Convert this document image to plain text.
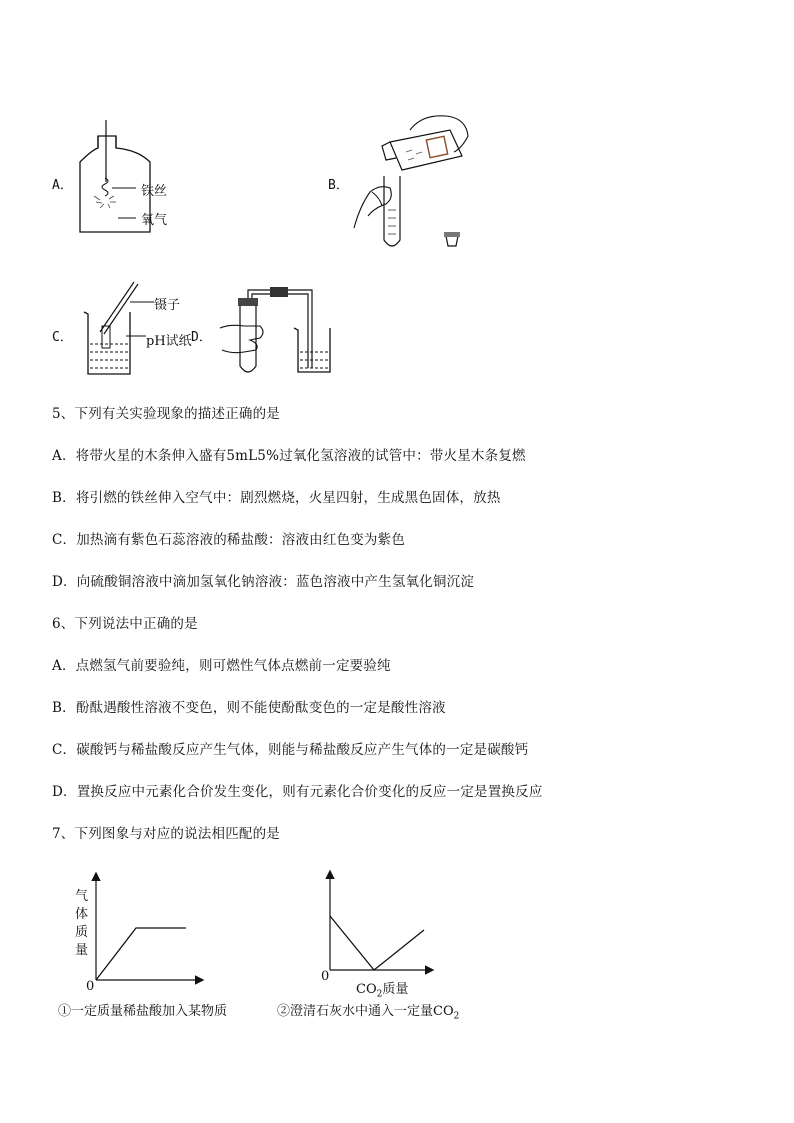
A．	铁丝
氧气
B．
C．
镊子
pH试纸 D．
5、下列有关实验现象的描述正确的是
A．将带火星的木条伸入盛有5mL5%过氧化氢溶液的试管中：带火星木条复燃
B．将引燃的铁丝伸入空气中：剧烈燃烧，火星四射，生成黑色固体，放热
C．加热滴有紫色石蕊溶液的稀盐酸：溶液由红色变为紫色
D．向硫酸铜溶液中滴加氢氧化钠溶液：蓝色溶液中产生氢氧化铜沉淀
6、下列说法中正确的是
A．点燃氢气前要验纯，则可燃性气体点燃前一定要验纯
B．酚酞遇酸性溶液不变色，则不能使酚酞变色的一定是酸性溶液
C．碳酸钙与稀盐酸反应产生气体，则能与稀盐酸反应产生气体的一定是碳酸钙
D．置换反应中元素化合价发生变化，则有元素化合价变化的反应一定是置换反应
7、下列图象与对应的说法相匹配的是
气
体
质
量
0
①一定质量稀盐酸加入某物质
0
$CO_2$质量
②澄清石灰水中通入一定量$CO_2$
